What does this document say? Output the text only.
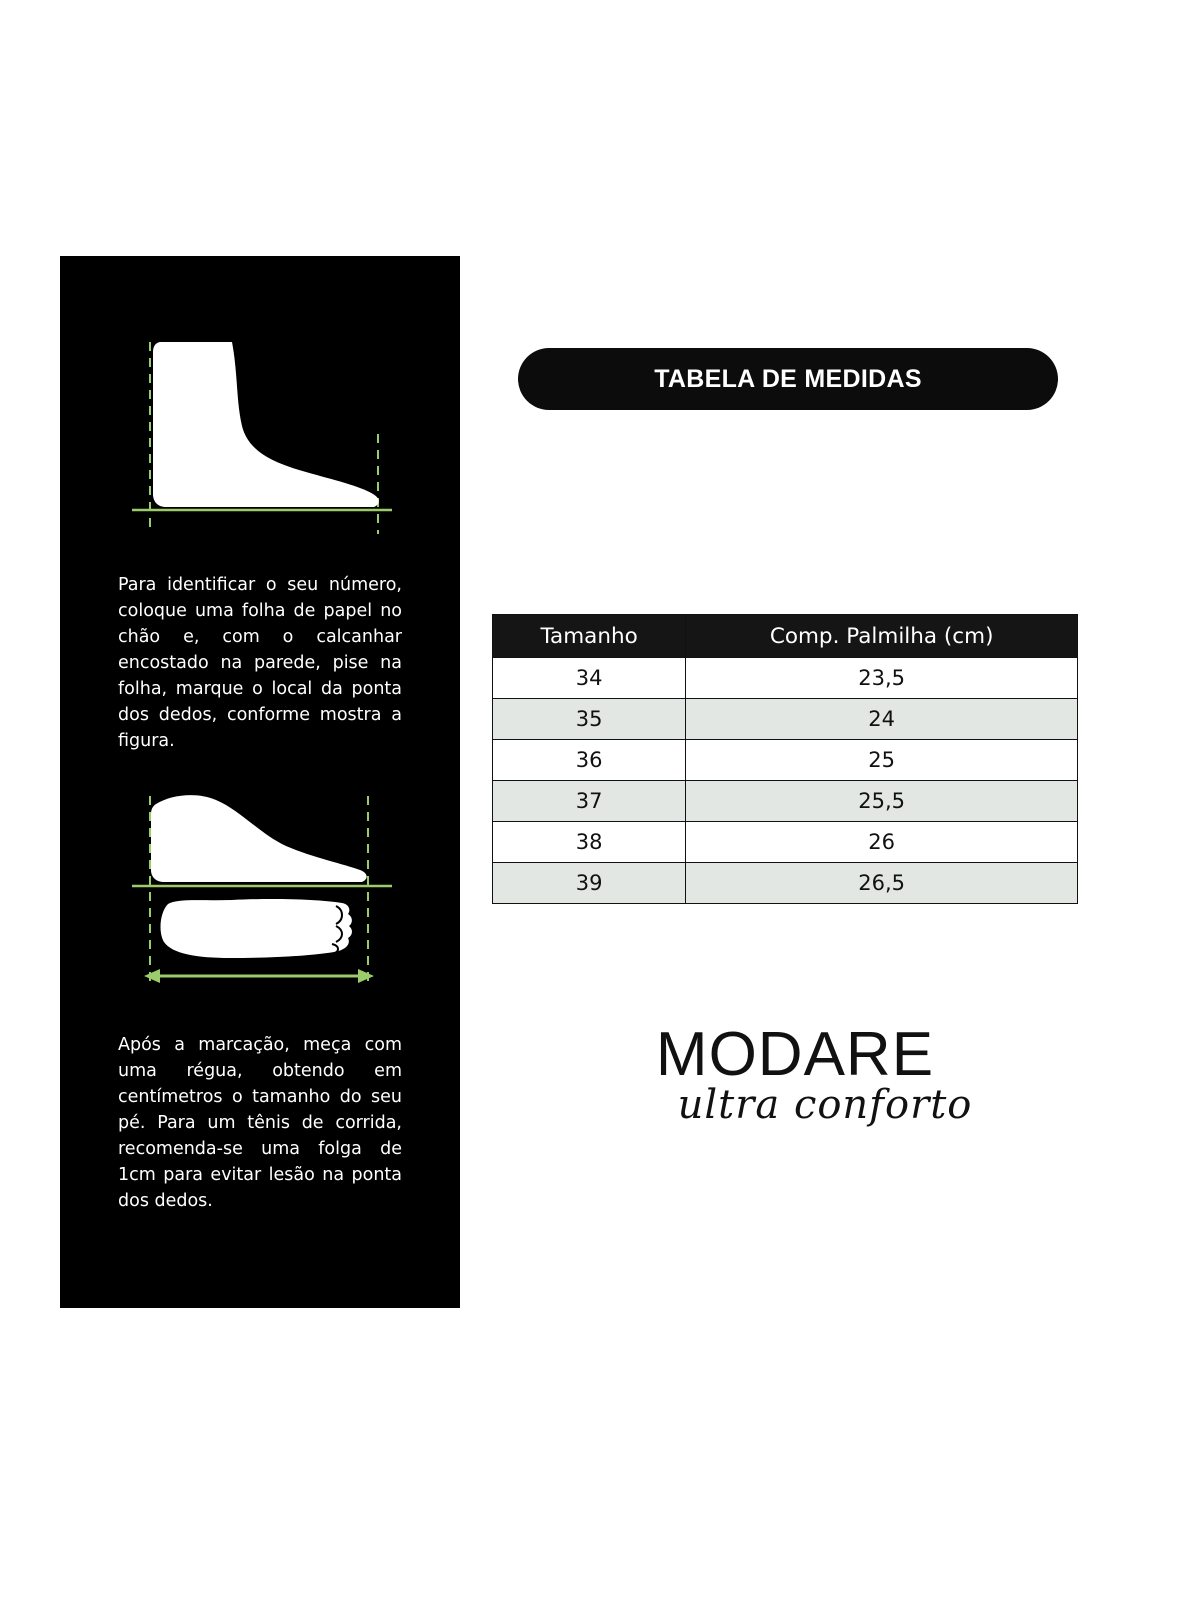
Para identificar o seu número, coloque uma folha de papel no chão e, com o calcanhar encostado na parede, pise na folha, marque o local da ponta dos dedos, conforme mostra a figura.

Após a marcação, meça com uma régua, obtendo em centímetros o tamanho do seu pé. Para um tênis de corrida, recomenda-se uma folga de 1cm para evitar lesão na ponta dos dedos.

TABELA DE MEDIDAS
Tamanho	Comp. Palmilha (cm)
34	23,5
35	24
36	25
37	25,5
38	26
39	26,5
MODARE
ultra conforto
